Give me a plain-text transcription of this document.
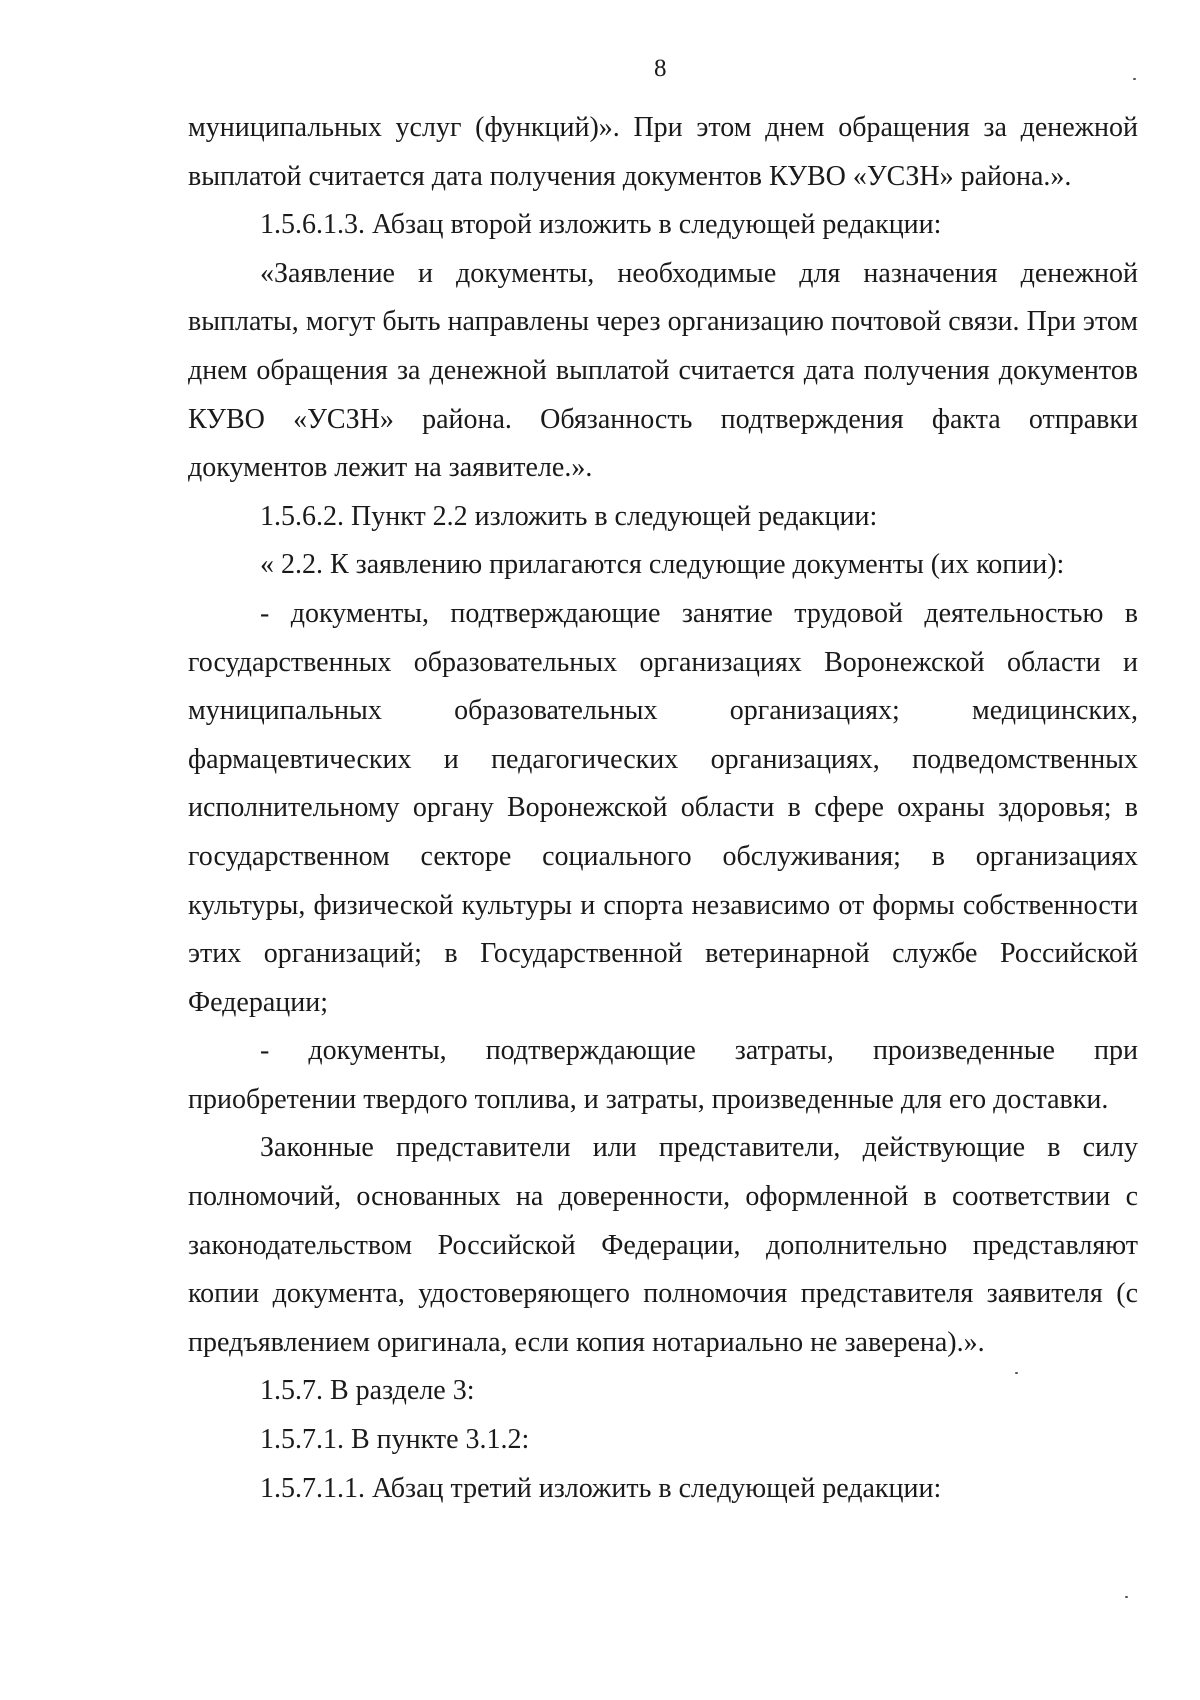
8

муниципальных услуг (функций)». При этом днем обращения за денежной выплатой считается дата получения документов КУВО «УСЗН» района.».

1.5.6.1.3. Абзац второй изложить в следующей редакции:

«Заявление и документы, необходимые для назначения денежной выплаты, могут быть направлены через организацию почтовой связи. При этом днем обращения за денежной выплатой считается дата получения документов КУВО «УСЗН» района. Обязанность подтверждения факта отправки документов лежит на заявителе.».

1.5.6.2. Пункт 2.2 изложить в следующей редакции:

« 2.2. К заявлению прилагаются следующие документы (их копии):

- документы, подтверждающие занятие трудовой деятельностью в государственных образовательных организациях Воронежской области и муниципальных образовательных организациях; медицинских, фармацевтических и педагогических организациях, подведомственных исполнительному органу Воронежской области в сфере охраны здоровья; в государственном секторе социального обслуживания; в организациях культуры, физической культуры и спорта независимо от формы собственности этих организаций; в Государственной ветеринарной службе Российской Федерации;

- документы, подтверждающие затраты, произведенные при приобретении твердого топлива, и затраты, произведенные для его доставки.

Законные представители или представители, действующие в силу полномочий, основанных на доверенности, оформленной в соответствии с законодательством Российской Федерации, дополнительно представляют копии документа, удостоверяющего полномочия представителя заявителя (с предъявлением оригинала, если копия нотариально не заверена).».

1.5.7. В разделе 3:

1.5.7.1. В пункте 3.1.2:

1.5.7.1.1. Абзац третий изложить в следующей редакции:
